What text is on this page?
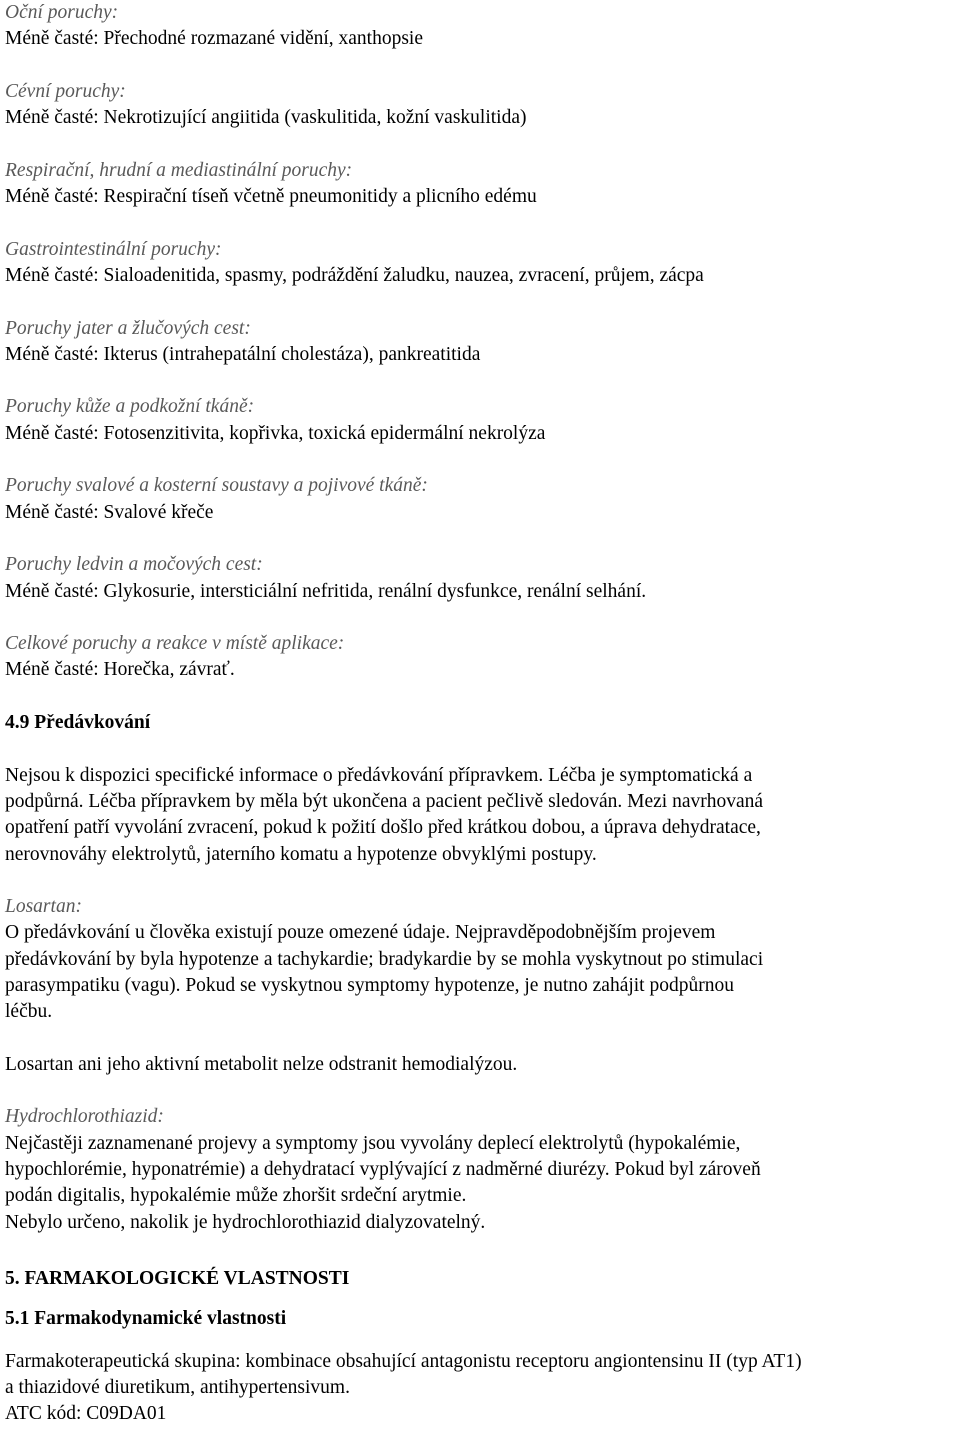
Oční poruchy:

Méně časté: Přechodné rozmazané vidění, xanthopsie

Cévní poruchy:

Méně časté: Nekrotizující angiitida (vaskulitida, kožní vaskulitida)

Respirační, hrudní a mediastinální poruchy:

Méně časté: Respirační tíseň včetně pneumonitidy a plicního edému

Gastrointestinální poruchy:

Méně časté: Sialoadenitida, spasmy, podráždění žaludku, nauzea, zvracení, průjem, zácpa

Poruchy jater a žlučových cest:

Méně časté: Ikterus (intrahepatální cholestáza), pankreatitida

Poruchy kůže a podkožní tkáně:

Méně časté: Fotosenzitivita, kopřivka, toxická epidermální nekrolýza

Poruchy svalové a kosterní soustavy a pojivové tkáně:

Méně časté: Svalové křeče

Poruchy ledvin a močových cest:

Méně časté: Glykosurie, intersticiální nefritida, renální dysfunkce, renální selhání.

Celkové poruchy a reakce v místě aplikace:

Méně časté: Horečka, závrať.

4.9 Předávkování

Nejsou k dispozici specifické informace o předávkování přípravkem. Léčba je symptomatická a

podpůrná. Léčba přípravkem by měla být ukončena a pacient pečlivě sledován. Mezi navrhovaná

opatření patří vyvolání zvracení, pokud k požití došlo před krátkou dobou, a úprava dehydratace,

nerovnováhy elektrolytů, jaterního komatu a hypotenze obvyklými postupy.

Losartan:

O předávkování u člověka existují pouze omezené údaje. Nejpravděpodobnějším projevem

předávkování by byla hypotenze a tachykardie; bradykardie by se mohla vyskytnout po stimulaci

parasympatiku (vagu). Pokud se vyskytnou symptomy hypotenze, je nutno zahájit podpůrnou

léčbu.

Losartan ani jeho aktivní metabolit nelze odstranit hemodialýzou.

Hydrochlorothiazid:

Nejčastěji zaznamenané projevy a symptomy jsou vyvolány deplecí elektrolytů (hypokalémie,

hypochlorémie, hyponatrémie) a dehydratací vyplývající z nadměrné diurézy. Pokud byl zároveň

podán digitalis, hypokalémie může zhoršit srdeční arytmie.

Nebylo určeno, nakolik je hydrochlorothiazid dialyzovatelný.

5. FARMAKOLOGICKÉ VLASTNOSTI

5.1 Farmakodynamické vlastnosti

Farmakoterapeutická skupina: kombinace obsahující antagonistu receptoru angiontensinu II (typ AT1)

a thiazidové diuretikum, antihypertensivum.

ATC kód: C09DA01
